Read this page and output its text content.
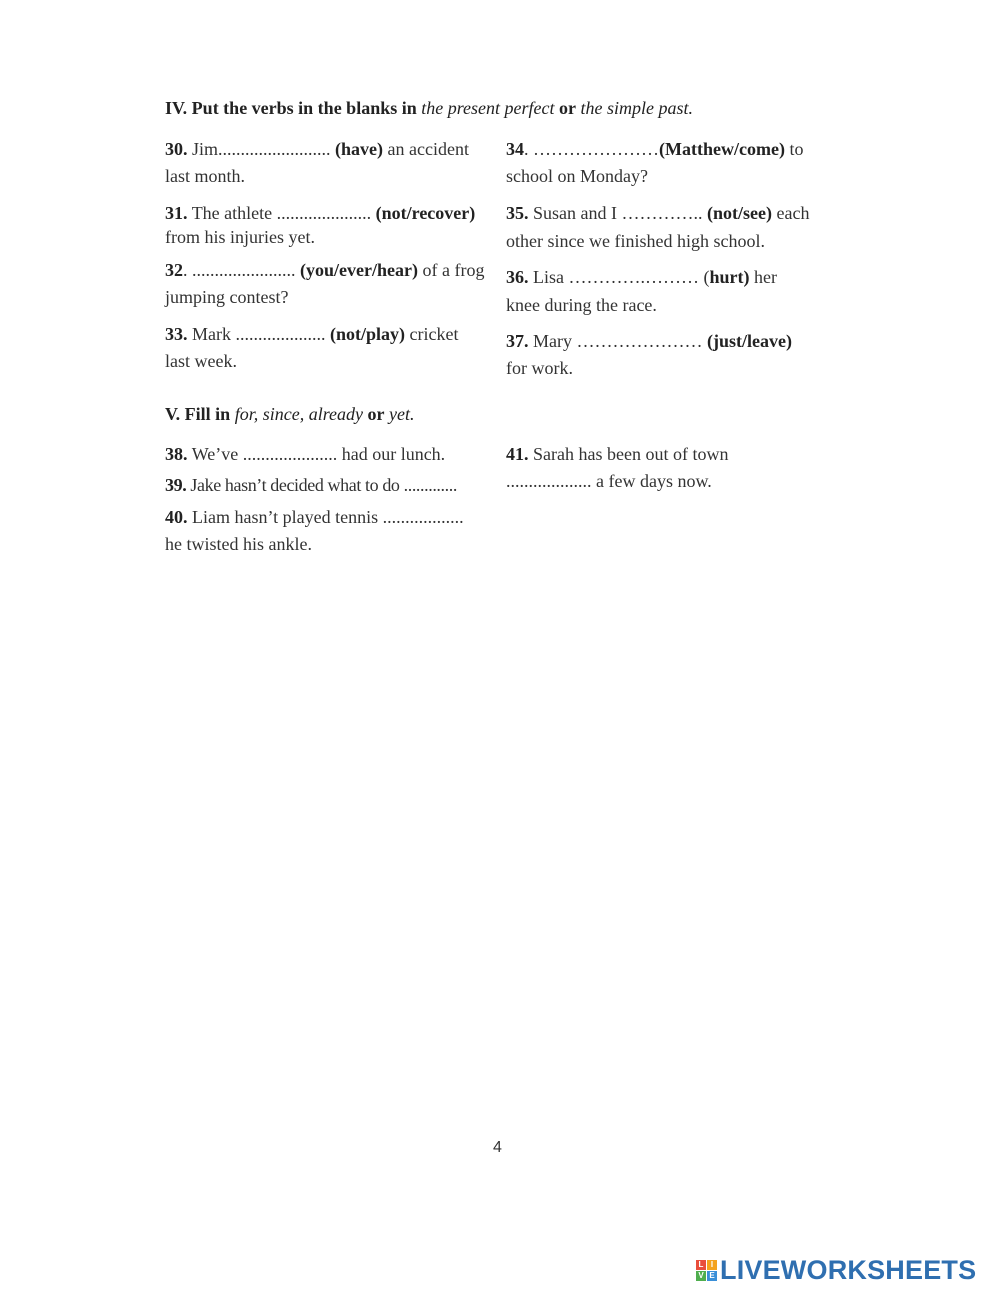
IV. Put the verbs in the blanks in the present perfect or the simple past.
30. Jim......................... (have) an accident
last month.
31. The athlete ..................... (not/recover)
from his injuries yet.
32. ....................... (you/ever/hear) of a frog
jumping contest?
33. Mark .................... (not/play) cricket
last week.
34. …………………(Matthew/come) to
school on Monday?
35. Susan and I ………….. (not/see) each
other since we finished high school.
36. Lisa ………….……… (hurt) her
knee during the race.
37. Mary ………………… (just/leave)
for work.
V. Fill in for, since, already or yet.
38. We’ve ..................... had our lunch.
39. Jake hasn’t decided what to do .............
40. Liam hasn’t played tennis ..................
he twisted his ankle.
41. Sarah has been out of town
................... a few days now.
4
L I
V E LIVEWORKSHEETS
